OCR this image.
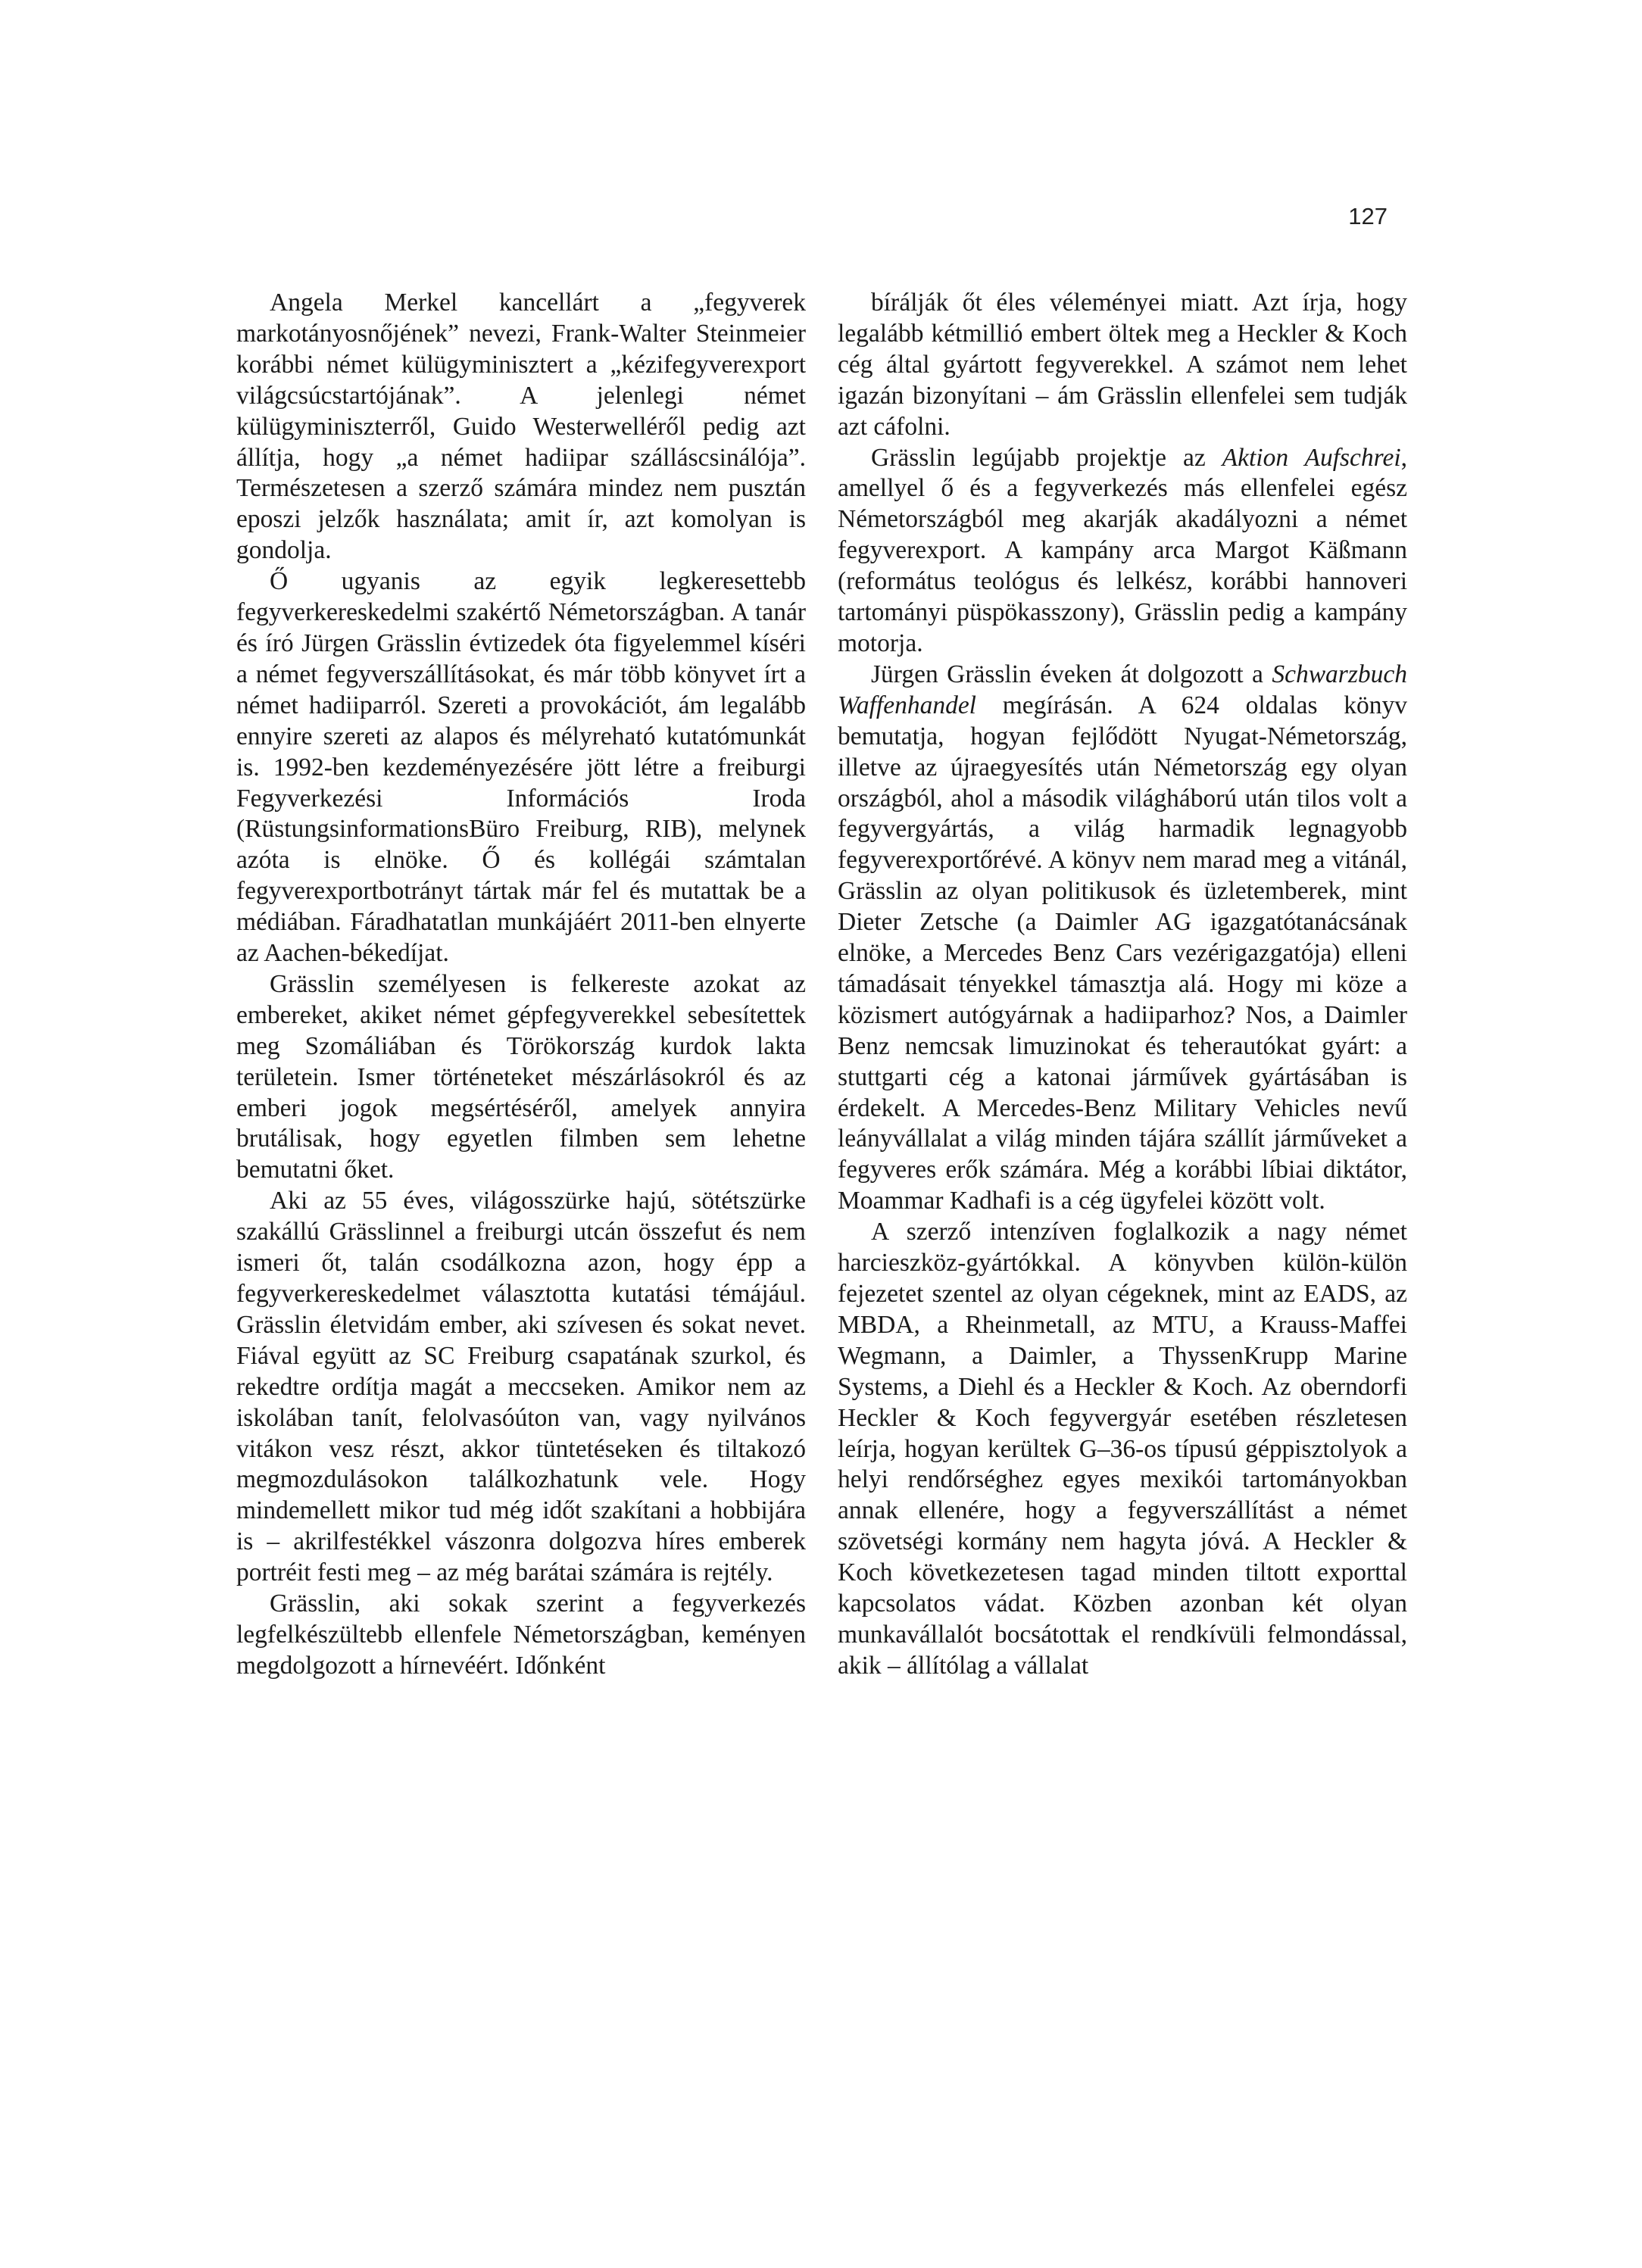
127

Angela Merkel kancellárt a „fegyverek markotányosnőjének” nevezi, Frank-Walter Steinmeier korábbi német külügyminisztert a „kézifegyverexport világcsúcstartójának”. A jelenlegi német külügyminiszterről, Guido Westerwelléről pedig azt állítja, hogy „a német hadiipar szálláscsinálója”. Természetesen a szerző számára mindez nem pusztán eposzi jelzők használata; amit ír, azt komolyan is gondolja.

Ő ugyanis az egyik legkeresettebb fegyverkereskedelmi szakértő Németországban. A tanár és író Jürgen Grässlin évtizedek óta figyelemmel kíséri a német fegyverszállításokat, és már több könyvet írt a német hadiiparról. Szereti a provokációt, ám legalább ennyire szereti az alapos és mélyreható kutatómunkát is. 1992-ben kezdeményezésére jött létre a freiburgi Fegyverkezési Információs Iroda (RüstungsinformationsBüro Freiburg, RIB), melynek azóta is elnöke. Ő és kollégái számtalan fegyverexportbotrányt tártak már fel és mutattak be a médiában. Fáradhatatlan munkájáért 2011-ben elnyerte az Aachen-békedíjat.

Grässlin személyesen is felkereste azokat az embereket, akiket német gépfegyverekkel sebesítettek meg Szomáliában és Törökország kurdok lakta területein. Ismer történeteket mészárlásokról és az emberi jogok megsértéséről, amelyek annyira brutálisak, hogy egyetlen filmben sem lehetne bemutatni őket.

Aki az 55 éves, világosszürke hajú, sötétszürke szakállú Grässlinnel a freiburgi utcán összefut és nem ismeri őt, talán csodálkozna azon, hogy épp a fegyverkereskedelmet választotta kutatási témájául. Grässlin életvidám ember, aki szívesen és sokat nevet. Fiával együtt az SC Freiburg csapatának szurkol, és rekedtre ordítja magát a meccseken. Amikor nem az iskolában tanít, felolvasóúton van, vagy nyilvános vitákon vesz részt, akkor tüntetéseken és tiltakozó megmozdulásokon találkozhatunk vele. Hogy mindemellett mikor tud még időt szakítani a hobbijára is – akrilfestékkel vászonra dolgozva híres emberek portréit festi meg – az még barátai számára is rejtély.

Grässlin, aki sokak szerint a fegyverkezés legfelkészültebb ellenfele Németországban, keményen megdolgozott a hírnevéért. Időnként

bírálják őt éles véleményei miatt. Azt írja, hogy legalább kétmillió embert öltek meg a Heckler & Koch cég által gyártott fegyverekkel. A számot nem lehet igazán bizonyítani – ám Grässlin ellenfelei sem tudják azt cáfolni.

Grässlin legújabb projektje az Aktion Aufschrei, amellyel ő és a fegyverkezés más ellenfelei egész Németországból meg akarják akadályozni a német fegyverexport. A kampány arca Margot Käßmann (református teológus és lelkész, korábbi hannoveri tartományi püspökasszony), Grässlin pedig a kampány motorja.

Jürgen Grässlin éveken át dolgozott a Schwarzbuch Waffenhandel megírásán. A 624 oldalas könyv bemutatja, hogyan fejlődött Nyugat-Németország, illetve az újraegyesítés után Németország egy olyan országból, ahol a második világháború után tilos volt a fegyvergyártás, a világ harmadik legnagyobb fegyverexportőrévé. A könyv nem marad meg a vitánál, Grässlin az olyan politikusok és üzletemberek, mint Dieter Zetsche (a Daimler AG igazgatótanácsának elnöke, a Mercedes Benz Cars vezérigazgatója) elleni támadásait tényekkel támasztja alá. Hogy mi köze a közismert autógyárnak a hadiiparhoz? Nos, a Daimler Benz nemcsak limuzinokat és teherautókat gyárt: a stuttgarti cég a katonai járművek gyártásában is érdekelt. A Mercedes-Benz Military Vehicles nevű leányvállalat a világ minden tájára szállít járműveket a fegyveres erők számára. Még a korábbi líbiai diktátor, Moammar Kadhafi is a cég ügyfelei között volt.

A szerző intenzíven foglalkozik a nagy német harcieszköz-gyártókkal. A könyvben külön-külön fejezetet szentel az olyan cégeknek, mint az EADS, az MBDA, a Rheinmetall, az MTU, a Krauss-Maffei Wegmann, a Daimler, a ThyssenKrupp Marine Systems, a Diehl és a Heckler & Koch. Az oberndorfi Heckler & Koch fegyvergyár esetében részletesen leírja, hogyan kerültek G–36-os típusú géppisztolyok a helyi rendőrséghez egyes mexikói tartományokban annak ellenére, hogy a fegyverszállítást a német szövetségi kormány nem hagyta jóvá. A Heckler & Koch következetesen tagad minden tiltott exporttal kapcsolatos vádat. Közben azonban két olyan munkavállalót bocsátottak el rendkívüli felmondással, akik – állítólag a vállalat
